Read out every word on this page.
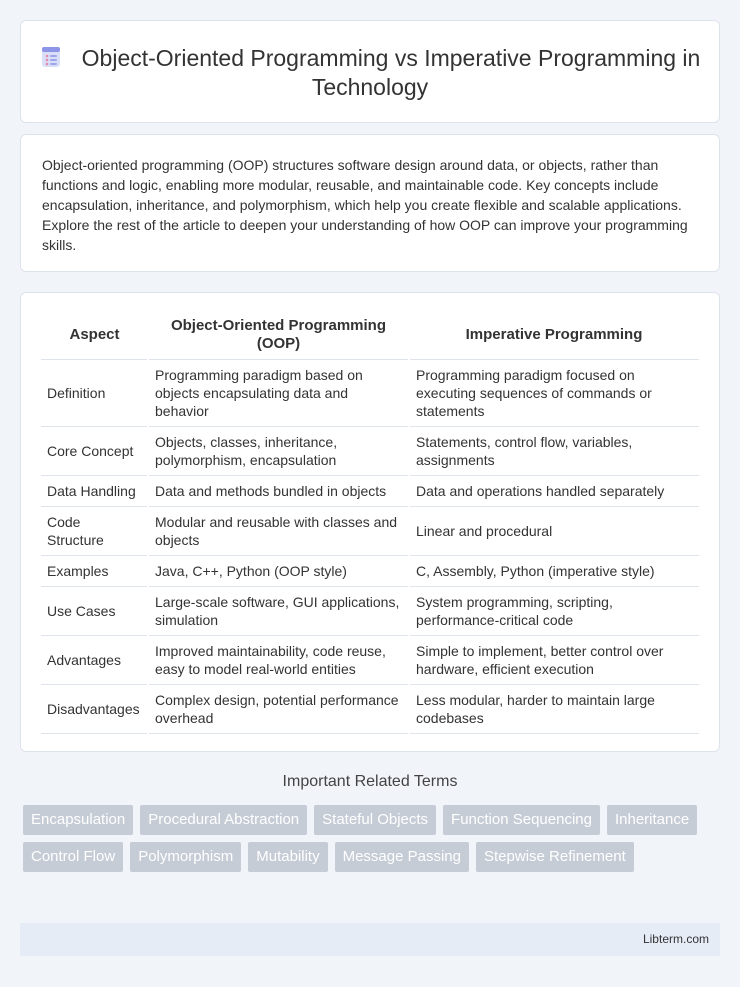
Object-Oriented Programming vs Imperative Programming in Technology

Object-oriented programming (OOP) structures software design around data, or objects, rather than functions and logic, enabling more modular, reusable, and maintainable code. Key concepts include encapsulation, inheritance, and polymorphism, which help you create flexible and scalable applications. Explore the rest of the article to deepen your understanding of how OOP can improve your programming skills.

Aspect	Object-Oriented Programming (OOP)	Imperative Programming
Definition	Programming paradigm based on objects encapsulating data and behavior	Programming paradigm focused on executing sequences of commands or statements
Core Concept	Objects, classes, inheritance, polymorphism, encapsulation	Statements, control flow, variables, assignments
Data Handling	Data and methods bundled in objects	Data and operations handled separately
Code Structure	Modular and reusable with classes and objects	Linear and procedural
Examples	Java, C++, Python (OOP style)	C, Assembly, Python (imperative style)
Use Cases	Large-scale software, GUI applications, simulation	System programming, scripting, performance-critical code
Advantages	Improved maintainability, code reuse, easy to model real-world entities	Simple to implement, better control over hardware, efficient execution
Disadvantages	Complex design, potential performance overhead	Less modular, harder to maintain large codebases
Important Related Terms
Encapsulation	Procedural Abstraction	Stateful Objects	Function Sequencing	Inheritance
Control Flow	Polymorphism	Mutability	Message Passing	Stepwise Refinement
Libterm.com
